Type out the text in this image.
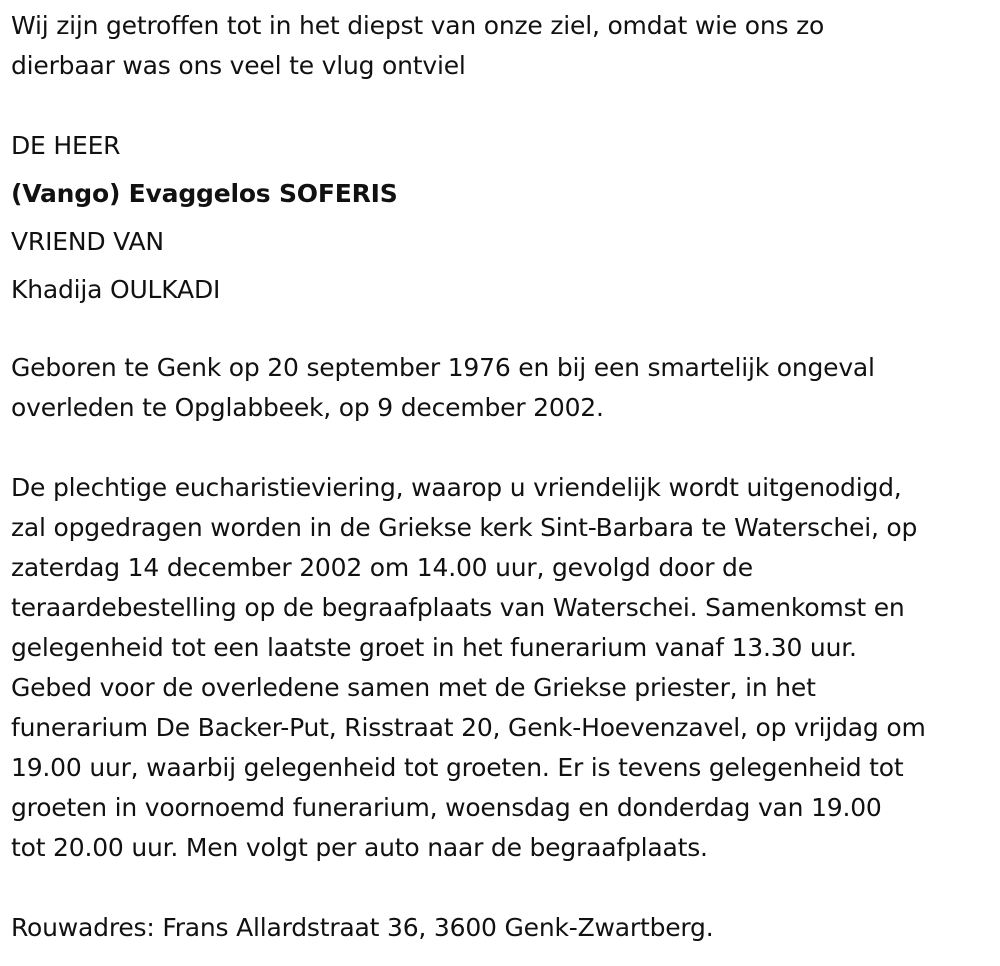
Wij zijn getroffen tot in het diepst van onze ziel, omdat wie ons zo
dierbaar was ons veel te vlug ontviel

DE HEER
(Vango) Evaggelos SOFERIS
VRIEND VAN
Khadija OULKADI

Geboren te Genk op 20 september 1976 en bij een smartelijk ongeval
overleden te Opglabbeek, op 9 december 2002.

De plechtige eucharistieviering, waarop u vriendelijk wordt uitgenodigd,
zal opgedragen worden in de Griekse kerk Sint-Barbara te Waterschei, op
zaterdag 14 december 2002 om 14.00 uur, gevolgd door de
teraardebestelling op de begraafplaats van Waterschei. Samenkomst en
gelegenheid tot een laatste groet in het funerarium vanaf 13.30 uur.
Gebed voor de overledene samen met de Griekse priester, in het
funerarium De Backer-Put, Risstraat 20, Genk-Hoevenzavel, op vrijdag om
19.00 uur, waarbij gelegenheid tot groeten. Er is tevens gelegenheid tot
groeten in voornoemd funerarium, woensdag en donderdag van 19.00
tot 20.00 uur. Men volgt per auto naar de begraafplaats.

Rouwadres: Frans Allardstraat 36, 3600 Genk-Zwartberg.
